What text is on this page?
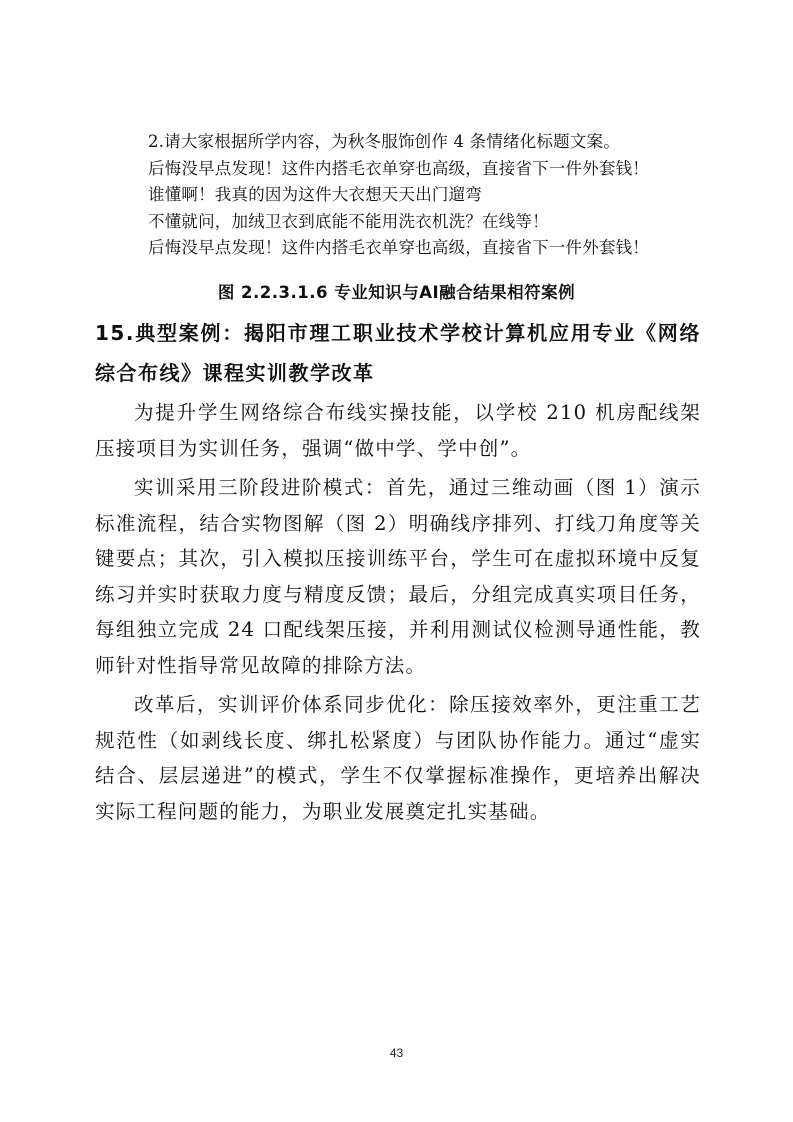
2.请大家根据所学内容，为秋冬服饰创作 4 条情绪化标题文案。
后悔没早点发现！这件内搭毛衣单穿也高级，直接省下一件外套钱！
谁懂啊！我真的因为这件大衣想天天出门遛弯
不懂就问，加绒卫衣到底能不能用洗衣机洗？在线等！
后悔没早点发现！这件内搭毛衣单穿也高级，直接省下一件外套钱！
图 2.2.3.1.6 专业知识与AI融合结果相符案例
15.典型案例：揭阳市理工职业技术学校计算机应用专业《网络综合布线》课程实训教学改革

为提升学生网络综合布线实操技能，以学校 210 机房配线架压接项目为实训任务，强调“做中学、学中创”。

实训采用三阶段进阶模式：首先，通过三维动画（图 1）演示标准流程，结合实物图解（图 2）明确线序排列、打线刀角度等关键要点；其次，引入模拟压接训练平台，学生可在虚拟环境中反复练习并实时获取力度与精度反馈；最后，分组完成真实项目任务，每组独立完成 24 口配线架压接，并利用测试仪检测导通性能，教师针对性指导常见故障的排除方法。

改革后，实训评价体系同步优化：除压接效率外，更注重工艺规范性（如剥线长度、绑扎松紧度）与团队协作能力。通过“虚实结合、层层递进”的模式，学生不仅掌握标准操作，更培养出解决实际工程问题的能力，为职业发展奠定扎实基础。

43
